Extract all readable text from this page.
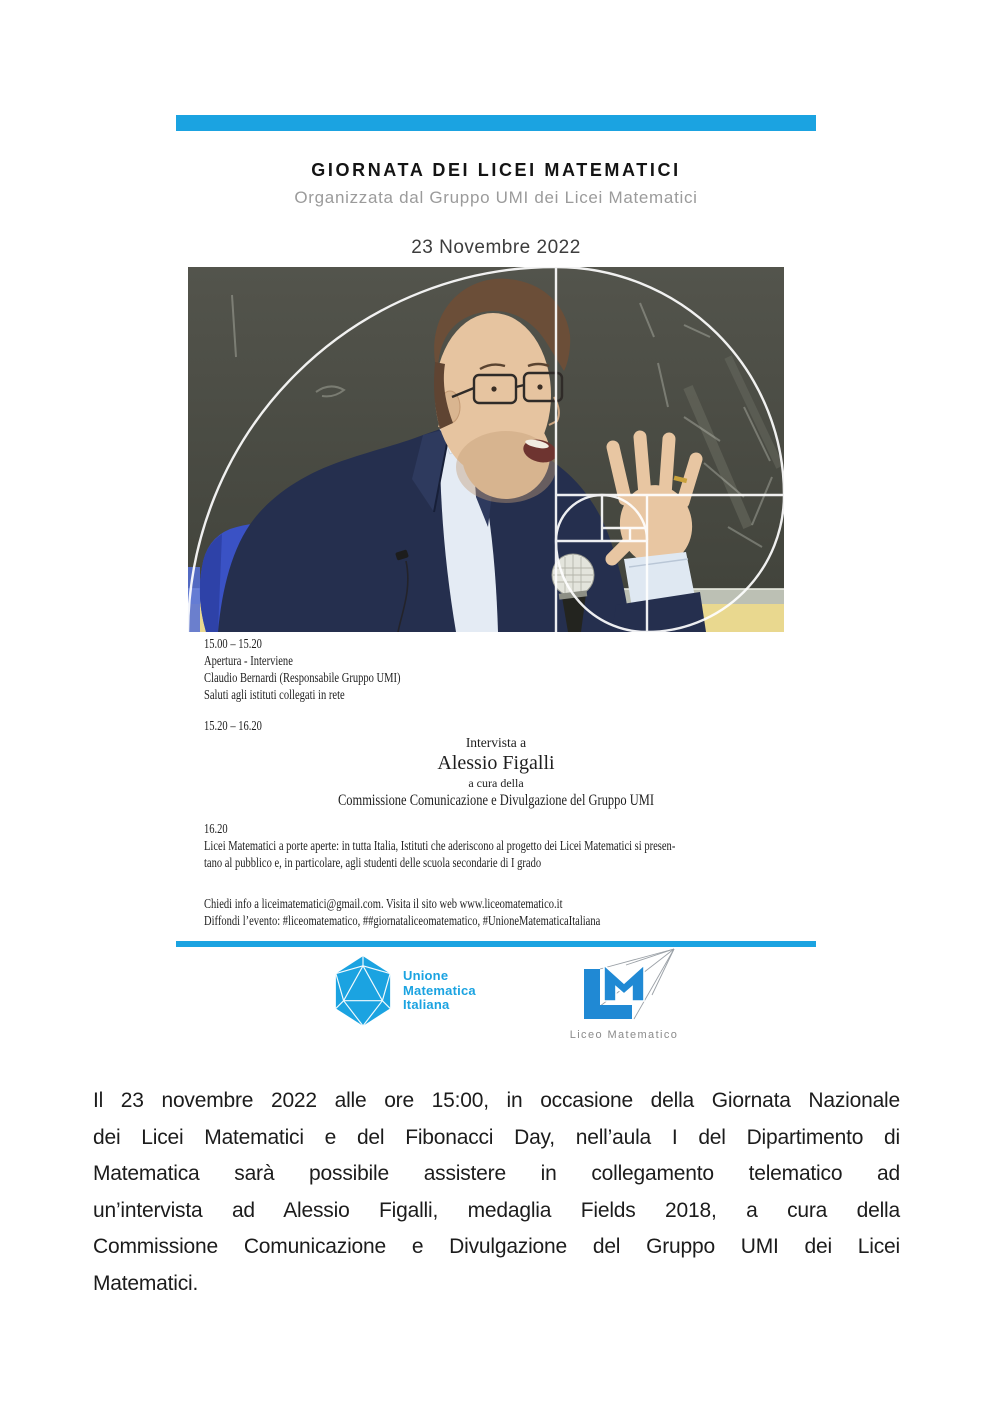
GIORNATA DEI LICEI MATEMATICI
Organizzata dal Gruppo UMI dei Licei Matematici
23 Novembre 2022
15.00 – 15.20
Apertura - Interviene
Claudio Bernardi (Responsabile Gruppo UMI)
Saluti agli istituti collegati in rete
15.20 – 16.20
Intervista a
Alessio Figalli
a cura della
Commissione Comunicazione e Divulgazione del Gruppo UMI
16.20
Licei Matematici a porte aperte: in tutta Italia, Istituti che aderiscono al progetto dei Licei Matematici si presen-
tano al pubblico e, in particolare, agli studenti delle scuola secondarie di I grado
Chiedi info a liceimatematici@gmail.com. Visita il sito web www.liceomatematico.it
Diffondi l’evento: #liceomatematico, ##giornataliceomatematico, #UnioneMatematicaItaliana
Unione
Matematica
Italiana
Liceo Matematico
Il 23 novembre 2022 alle ore 15:00, in occasione della Giornata Nazionale
dei Licei Matematici e del Fibonacci Day, nell’aula I del Dipartimento di
Matematica sarà possibile assistere in collegamento telematico ad
un’intervista ad Alessio Figalli, medaglia Fields 2018, a cura della
Commissione Comunicazione e Divulgazione del Gruppo UMI dei Licei
Matematici.
